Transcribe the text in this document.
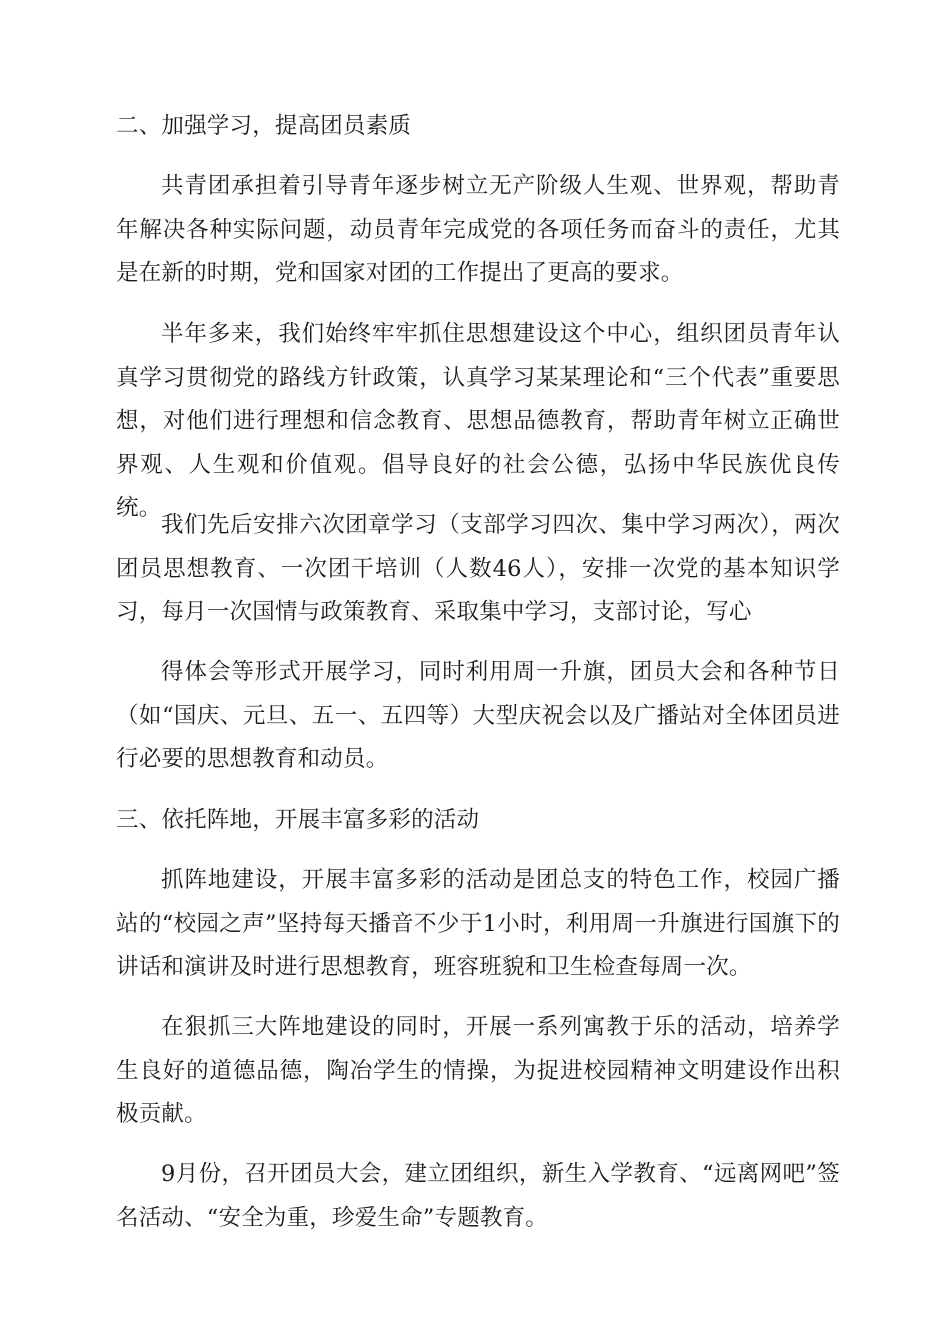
二、加强学习，提高团员素质

共青团承担着引导青年逐步树立无产阶级人生观、世界观，帮助青年解决各种实际问题，动员青年完成党的各项任务而奋斗的责任，尤其是在新的时期，党和国家对团的工作提出了更高的要求。

半年多来，我们始终牢牢抓住思想建设这个中心，组织团员青年认真学习贯彻党的路线方针政策，认真学习某某理论和“三个代表”重要思想，对他们进行理想和信念教育、思想品德教育，帮助青年树立正确世界观、人生观和价值观。倡导良好的社会公德，弘扬中华民族优良传统。

我们先后安排六次团章学习（支部学习四次、集中学习两次），两次团员思想教育、一次团干培训（人数46人），安排一次党的基本知识学习，每月一次国情与政策教育、采取集中学习，支部讨论，写心

得体会等形式开展学习，同时利用周一升旗，团员大会和各种节日（如“国庆、元旦、五一、五四等）大型庆祝会以及广播站对全体团员进行必要的思想教育和动员。

三、依托阵地，开展丰富多彩的活动

抓阵地建设，开展丰富多彩的活动是团总支的特色工作，校园广播站的“校园之声”坚持每天播音不少于1小时，利用周一升旗进行国旗下的讲话和演讲及时进行思想教育，班容班貌和卫生检查每周一次。

在狠抓三大阵地建设的同时，开展一系列寓教于乐的活动，培养学生良好的道德品德，陶冶学生的情操，为捉进校园精神文明建设作出积极贡献。

9月份，召开团员大会，建立团组织，新生入学教育、“远离网吧”签名活动、“安全为重，珍爱生命”专题教育。
